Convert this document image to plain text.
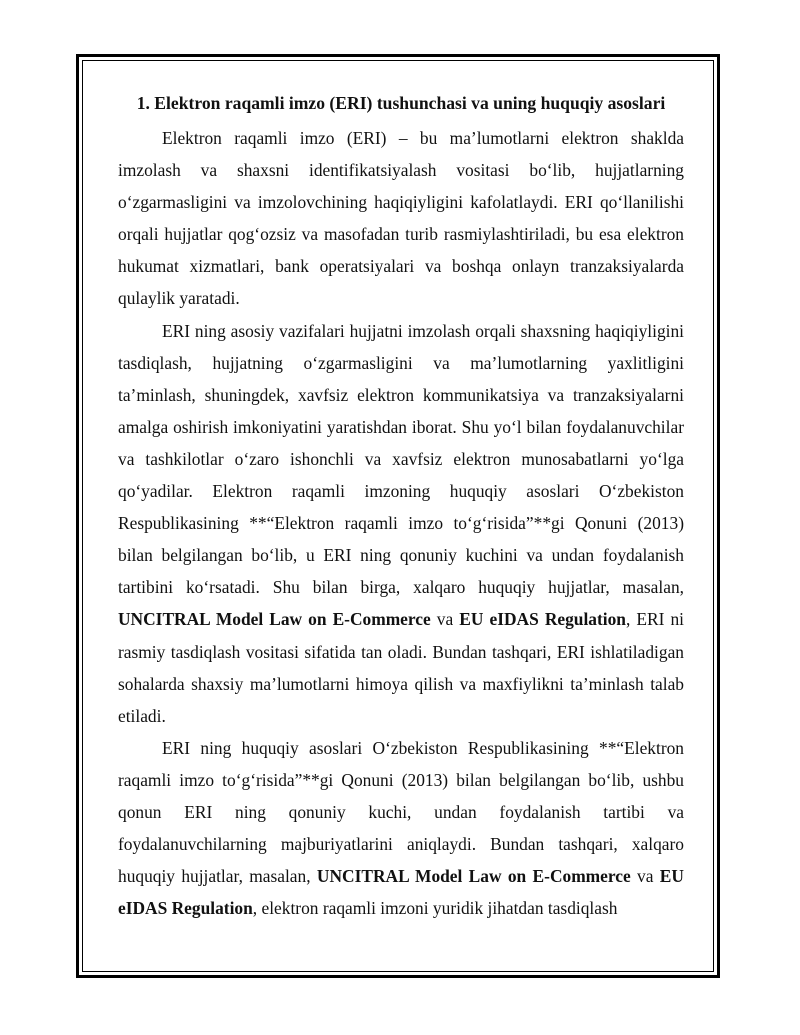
1. Elektron raqamli imzo (ERI) tushunchasi va uning huquqiy asoslari

Elektron raqamli imzo (ERI) – bu ma’lumotlarni elektron shaklda imzolash va shaxsni identifikatsiyalash vositasi bo‘lib, hujjatlarning o‘zgarmasligini va imzolovchining haqiqiyligini kafolatlaydi. ERI qo‘llanilishi orqali hujjatlar qog‘ozsiz va masofadan turib rasmiylashtiriladi, bu esa elektron hukumat xizmatlari, bank operatsiyalari va boshqa onlayn tranzaksiyalarda qulaylik yaratadi.

ERI ning asosiy vazifalari hujjatni imzolash orqali shaxsning haqiqiyligini tasdiqlash, hujjatning o‘zgarmasligini va ma’lumotlarning yaxlitligini ta’minlash, shuningdek, xavfsiz elektron kommunikatsiya va tranzaksiyalarni amalga oshirish imkoniyatini yaratishdan iborat. Shu yo‘l bilan foydalanuvchilar va tashkilotlar o‘zaro ishonchli va xavfsiz elektron munosabatlarni yo‘lga qo‘yadilar. Elektron raqamli imzoning huquqiy asoslari O‘zbekiston Respublikasining **“Elektron raqamli imzo to‘g‘risida”**gi Qonuni (2013) bilan belgilangan bo‘lib, u ERI ning qonuniy kuchini va undan foydalanish tartibini ko‘rsatadi. Shu bilan birga, xalqaro huquqiy hujjatlar, masalan, UNCITRAL Model Law on E-Commerce va EU eIDAS Regulation, ERI ni rasmiy tasdiqlash vositasi sifatida tan oladi. Bundan tashqari, ERI ishlatiladigan sohalarda shaxsiy ma’lumotlarni himoya qilish va maxfiylikni ta’minlash talab etiladi.

ERI ning huquqiy asoslari O‘zbekiston Respublikasining **“Elektron raqamli imzo to‘g‘risida”**gi Qonuni (2013) bilan belgilangan bo‘lib, ushbu qonun ERI ning qonuniy kuchi, undan foydalanish tartibi va foydalanuvchilarning majburiyatlarini aniqlaydi. Bundan tashqari, xalqaro huquqiy hujjatlar, masalan, UNCITRAL Model Law on E-Commerce va EU eIDAS Regulation, elektron raqamli imzoni yuridik jihatdan tasdiqlash
